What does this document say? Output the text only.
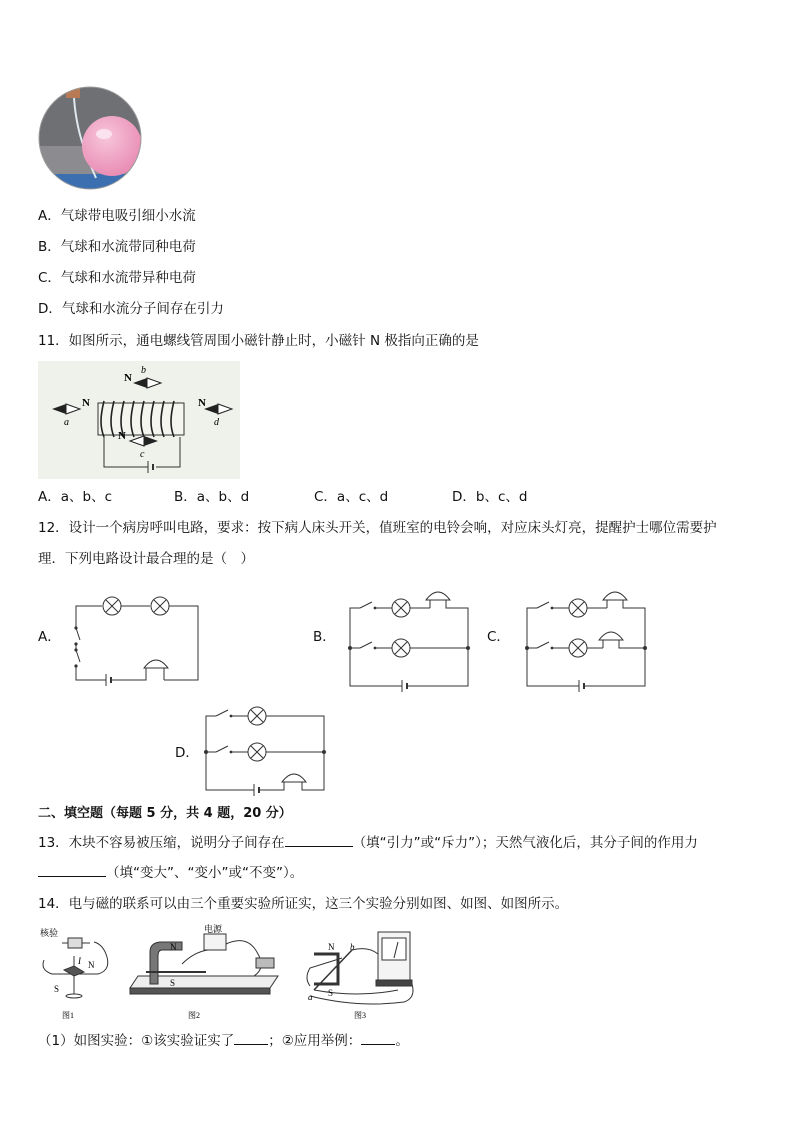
A．气球带电吸引细小水流
B．气球和水流带同种电荷
C．气球和水流带异种电荷
D．气球和水流分子间存在引力
11．如图所示，通电螺线管周围小磁针静止时，小磁针 N 极指向正确的是
N
a
N
b
N
c
N
d
A．a、b、c	B．a、b、d	C．a、c、d	D．b、c、d
12．设计一个病房呼叫电路，要求：按下病人床头开关，值班室的电铃会响，对应床头灯亮，提醒护士哪位需要护
理．下列电路设计最合理的是（　）
A．	B．	C．
D．
二、填空题（每题 5 分，共 4 题，20 分）
13．木块不容易被压缩，说明分子间存在	（填“引力”或“斥力”）；天然气液化后，其分子间的作用力
（填“变大”、“变小”或“不变”）。
14．电与磁的联系可以由三个重要实验所证实，这三个实验分别如图、如图、如图所示。
核验
S
N
I
图1
电源
N
S
图2
N
S
a
b
图3
（1）如图实验：①该实验证实了	；②应用举例：	。
